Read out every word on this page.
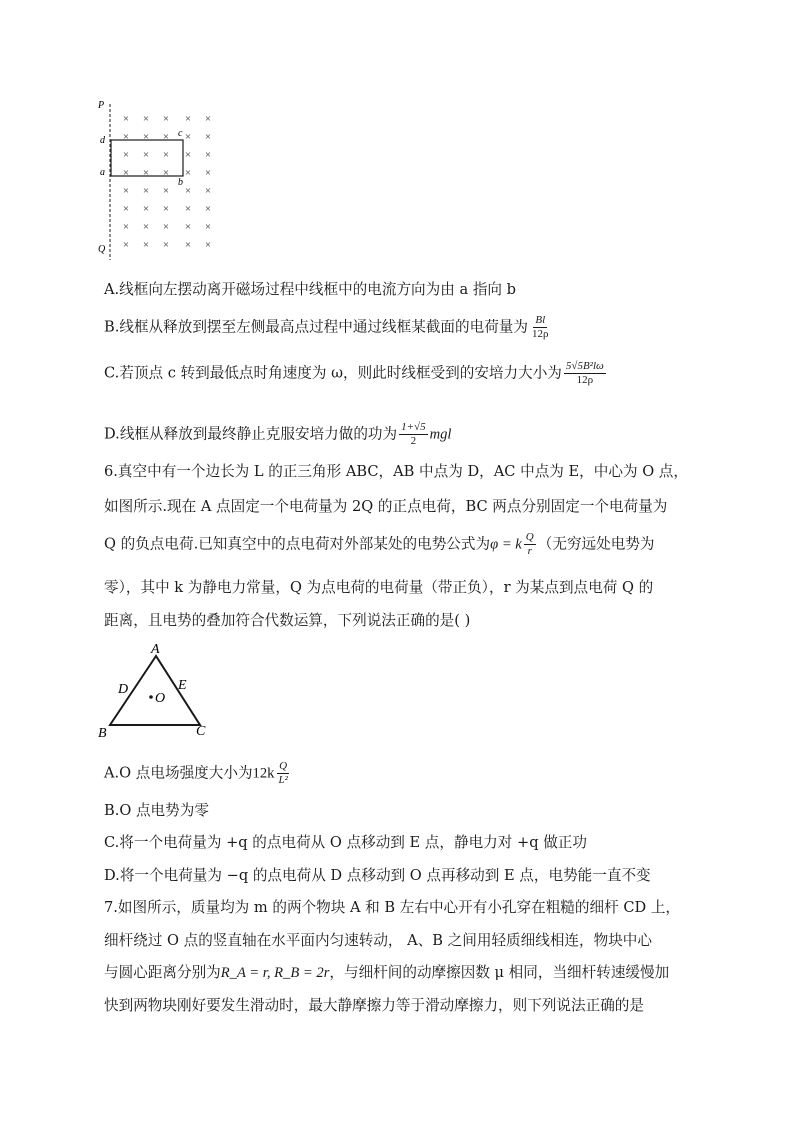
× × × × ×
× × × × ×
× × × × ×
× × × × ×
× × × × ×
× × × × ×
× × × × ×
× × × × ×
P
d
c
a
b
Q
A.线框向左摆动离开磁场过程中线框中的电流方向为由 a 指向 b
B.线框从释放到摆至左侧最高点过程中通过线框某截面的电荷量为 $\frac{Bl}{12\rho}$
C.若顶点 c 转到最低点时角速度为 ω，则此时线框受到的安培力大小为 $\frac{\text{5√5B²lω}}{12\rho}$
D.线框从释放到最终静止克服安培力做的功为 $\frac{1+√5}{2}$ mgl
6.真空中有一个边长为 L 的正三角形 ABC，AB 中点为 D，AC 中点为 E，中心为 O 点，
如图所示.现在 A 点固定一个电荷量为 2Q 的正点电荷，BC 两点分别固定一个电荷量为
Q 的负点电荷.已知真空中的点电荷对外部某处的电势公式为φ = k $\frac{Q}{r}$ （无穷远处电势为
零），其中 k 为静电力常量，Q 为点电荷的电荷量（带正负），r 为某点到点电荷 Q 的
距离，且电势的叠加符合代数运算，下列说法正确的是( )
A
B	C
D	E
O
A.O 点电场强度大小为$12k \frac{Q}{\text{L²}}$
B.O 点电势为零
C.将一个电荷量为 +q 的点电荷从 O 点移动到 E 点，静电力对 +q 做正功
D.将一个电荷量为 −q 的点电荷从 D 点移动到 O 点再移动到 E 点，电势能一直不变
7.如图所示，质量均为 m 的两个物块 A 和 B 左右中心开有小孔穿在粗糙的细杆 CD 上，
细杆绕过 O 点的竖直轴在水平面内匀速转动， A、B 之间用轻质细线相连，物块中心
与圆心距离分别为R_A = r, R_B = 2r，与细杆间的动摩擦因数 μ 相同，当细杆转速缓慢加
快到两物块刚好要发生滑动时，最大静摩擦力等于滑动摩擦力，则下列说法正确的是
